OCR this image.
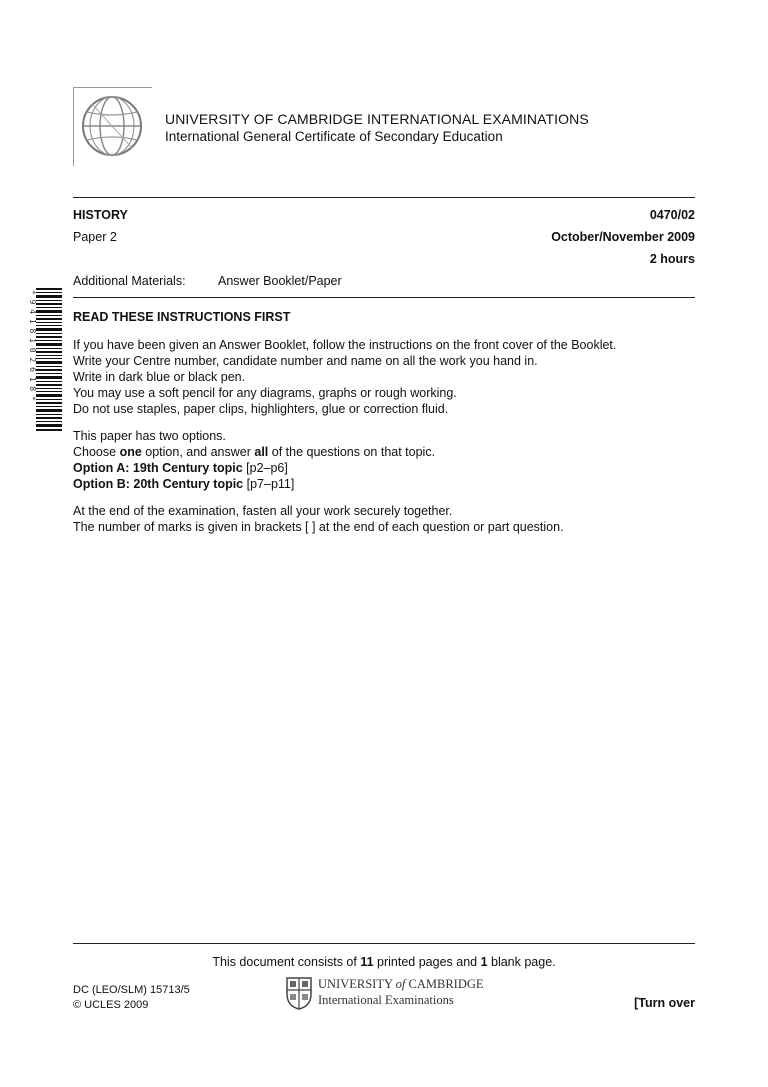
UNIVERSITY OF CAMBRIDGE INTERNATIONAL EXAMINATIONS
International General Certificate of Secondary Education
HISTORY	0470/02
Paper 2	October/November 2009
2 hours
Additional Materials:	Answer Booklet/Paper
* 9 4 1 8 1 0 2 6 1 8 *	READ THESE INSTRUCTIONS FIRST

If you have been given an Answer Booklet, follow the instructions on the front cover of the Booklet.

Write your Centre number, candidate number and name on all the work you hand in.

Write in dark blue or black pen.

You may use a soft pencil for any diagrams, graphs or rough working.

Do not use staples, paper clips, highlighters, glue or correction fluid.

This paper has two options.

Choose one option, and answer all of the questions on that topic.

Option A: 19th Century topic [p2–p6]

Option B: 20th Century topic [p7–p11]

At the end of the examination, fasten all your work securely together.

The number of marks is given in brackets [ ] at the end of each question or part question.

This document consists of 11 printed pages and 1 blank page.
DC (LEO/SLM) 15713/5
© UCLES 2009
UNIVERSITY of CAMBRIDGE
International Examinations	[Turn over
